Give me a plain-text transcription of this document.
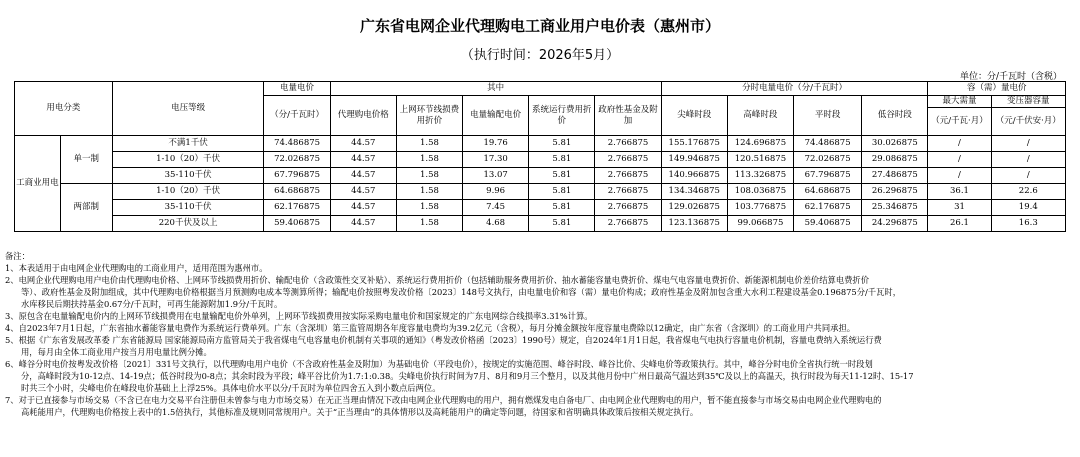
广东省电网企业代理购电工商业用户电价表（惠州市）
（执行时间：2026年5月）
单位：分/千瓦时（含税）
用电分类		电压等级	电量电价	其中					分时电量电价（分/千瓦时）				容（需）量电价	
			（分/千瓦时）	代理购电价格	上网环节线损费用折价	电量输配电价	系统运行费用折价	政府性基金及附加	尖峰时段	高峰时段	平时段	低谷时段	最大需量	变压器容量
													（元/千瓦·月）	（元/千伏安·月）
工商业用电	单一制	不满1千伏	74.486875	44.57	1.58	19.76	5.81	2.766875	155.176875	124.696875	74.486875	30.026875	/	/
		1-10（20）千伏	72.026875	44.57	1.58	17.30	5.81	2.766875	149.946875	120.516875	72.026875	29.086875	/	/
		35-110千伏	67.796875	44.57	1.58	13.07	5.81	2.766875	140.966875	113.326875	67.796875	27.486875	/	/
	两部制	1-10（20）千伏	64.686875	44.57	1.58	9.96	5.81	2.766875	134.346875	108.036875	64.686875	26.296875	36.1	22.6
		35-110千伏	62.176875	44.57	1.58	7.45	5.81	2.766875	129.026875	103.776875	62.176875	25.346875	31	19.4
		220千伏及以上	59.406875	44.57	1.58	4.68	5.81	2.766875	123.136875	99.066875	59.406875	24.296875	26.1	16.3
备注：
1、本表适用于由电网企业代理购电的工商业用户，适用范围为惠州市。
2、电网企业代理购电用户电价由代理购电价格、上网环节线损费用折价、输配电价（含政策性交叉补贴）、系统运行费用折价（包括辅助服务费用折价、抽水蓄能容量电费折价、煤电气电容量电费折价、新能源机制电价差价结算电费折价
等）、政府性基金及附加组成，其中代理购电价格根据当月预测购电成本等测算所得；输配电价按照粤发改价格〔2023〕148号文执行，由电量电价和容（需）量电价构成；政府性基金及附加包含重大水利工程建设基金0.196875分/千瓦时，
水库移民后期扶持基金0.67分/千瓦时，可再生能源附加1.9分/千瓦时。
3、原包含在电量输配电价内的上网环节线损费用在电量输配电价外单列，上网环节线损费用按实际采购电量电价和国家规定的广东电网综合线损率3.31%计算。
4、自2023年7月1日起，广东省抽水蓄能容量电费作为系统运行费单列。广东（含深圳）第三监管周期各年度容量电费均为39.2亿元（含税），每月分摊金额按年度容量电费除以12确定，由广东省（含深圳）的工商业用户共同承担。
5、根据《广东省发展改革委 广东省能源局 国家能源局南方监管局关于我省煤电气电容量电价机制有关事项的通知》（粤发改价格函〔2023〕1990号）规定，自2024年1月1日起，我省煤电气电执行容量电价机制，容量电费纳入系统运行费
用，每月由全体工商业用户按当月用电量比例分摊。
6、峰谷分时电价按粤发改价格〔2021〕331号文执行，以代理购电用户电价（不含政府性基金及附加）为基础电价（平段电价），按规定的实施范围、峰谷时段、峰谷比价、尖峰电价等政策执行。其中，峰谷分时电价全省执行统一时段划
分，高峰时段为10-12点、14-19点；低谷时段为0-8点；其余时段为平段；峰平谷比价为1.7:1:0.38。尖峰电价执行时间为7月、8月和9月三个整月，以及其他月份中广州日最高气温达到35℃及以上的高温天，执行时段为每天11-12时、15-17
时共三个小时，尖峰电价在峰段电价基础上上浮25%。具体电价水平以分/千瓦时为单位四舍五入到小数点后两位。
7、对于已直接参与市场交易（不含已在电力交易平台注册但未曾参与电力市场交易）在无正当理由情况下改由电网企业代理购电的用户，拥有燃煤发电自备电厂、由电网企业代理购电的用户，暂不能直接参与市场交易由电网企业代理购电的
高耗能用户，代理购电价格按上表中的1.5倍执行，其他标准及规则同常规用户。关于“正当理由”的具体情形以及高耗能用户的确定等问题，待国家和省明确具体政策后按相关规定执行。
